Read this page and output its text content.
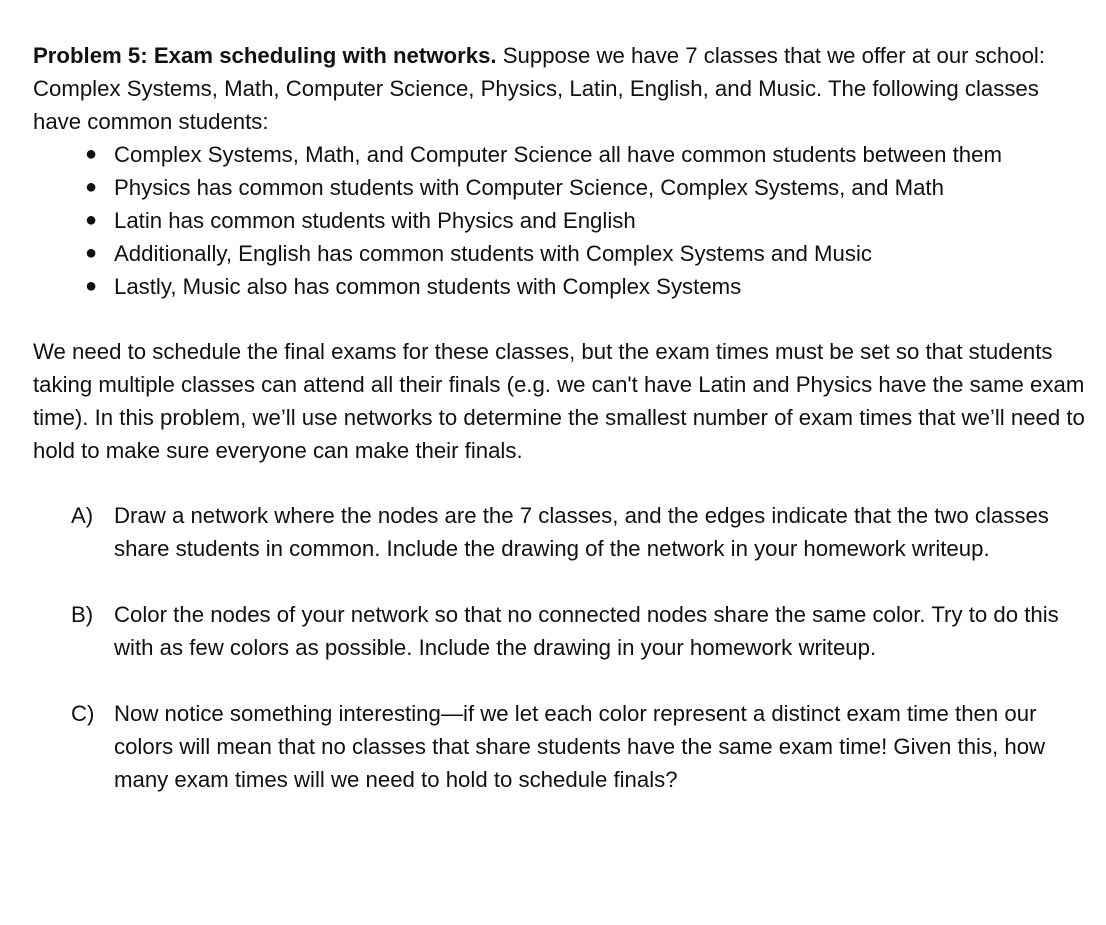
Problem 5: Exam scheduling with networks. Suppose we have 7 classes that we offer at our school: Complex Systems, Math, Computer Science, Physics, Latin, English, and Music. The following classes have common students:

● Complex Systems, Math, and Computer Science all have common students between them
● Physics has common students with Computer Science, Complex Systems, and Math
● Latin has common students with Physics and English
● Additionally, English has common students with Complex Systems and Music
● Lastly, Music also has common students with Complex Systems

We need to schedule the final exams for these classes, but the exam times must be set so that students taking multiple classes can attend all their finals (e.g. we can't have Latin and Physics have the same exam time). In this problem, we’ll use networks to determine the smallest number of exam times that we’ll need to hold to make sure everyone can make their finals.

A) Draw a network where the nodes are the 7 classes, and the edges indicate that the two classes share students in common. Include the drawing of the network in your homework writeup.
B) Color the nodes of your network so that no connected nodes share the same color. Try to do this with as few colors as possible. Include the drawing in your homework writeup.
C) Now notice something interesting—if we let each color represent a distinct exam time then our colors will mean that no classes that share students have the same exam time! Given this, how many exam times will we need to hold to schedule finals?
